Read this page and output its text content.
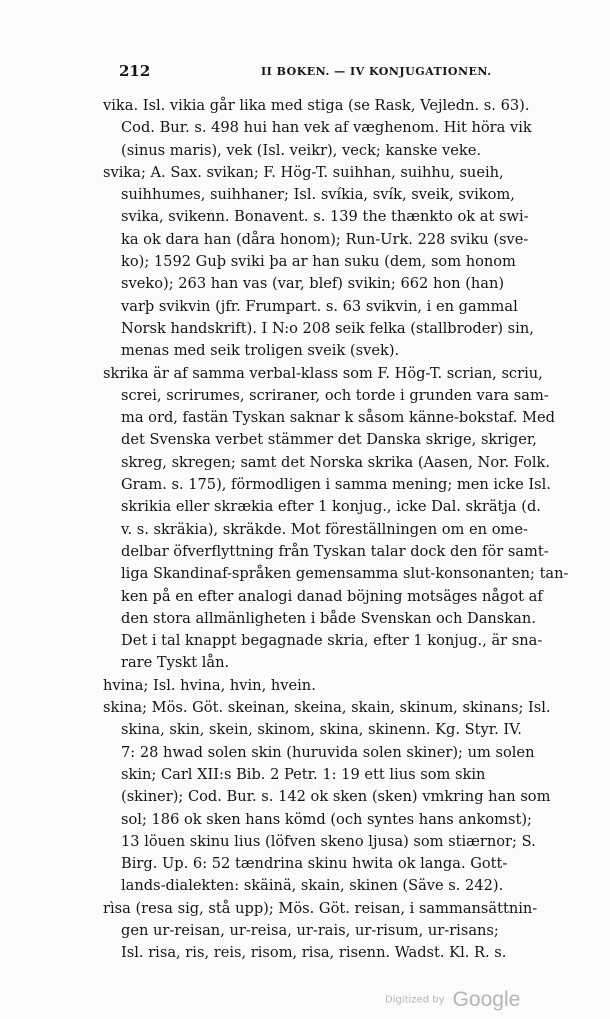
212	II BOKEN. — IV KONJUGATIONEN.
vika. Isl. vikia går lika med stiga (se Rask, Vejledn. s. 63).
Cod. Bur. s. 498 hui han vek af væghenom. Hit höra vik
(sinus maris), vek (Isl. veikr), veck; kanske veke.
svika; A. Sax. svikan; F. Hög-T. suihhan, suihhu, sueih,
suihhumes, suihhaner; Isl. svíkia, svík, sveik, svikom,
svika, svikenn. Bonavent. s. 139 the thænkto ok at swi-
ka ok dara han (dåra honom); Run-Urk. 228 sviku (sve-
ko); 1592 Guþ sviki þa ar han suku (dem, som honom
sveko); 263 han vas (var, blef) svikin; 662 hon (han)
varþ svikvin (jfr. Frumpart. s. 63 svikvin, i en gammal
Norsk handskrift). I N:o 208 seik felka (stallbroder) sin,
menas med seik troligen sveik (svek).
skrika är af samma verbal-klass som F. Hög-T. scrian, scriu,
screi, scrirumes, scriraner, och torde i grunden vara sam-
ma ord, fastän Tyskan saknar k såsom känne-bokstaf. Med
det Svenska verbet stämmer det Danska skrige, skriger,
skreg, skregen; samt det Norska skrika (Aasen, Nor. Folk.
Gram. s. 175), förmodligen i samma mening; men icke Isl.
skrikia eller skrækia efter 1 konjug., icke Dal. skrätja (d.
v. s. skräkia), skräkde. Mot föreställningen om en ome-
delbar öfverflyttning från Tyskan talar dock den för samt-
liga Skandinaf-språken gemensamma slut-konsonanten; tan-
ken på en efter analogi danad böjning motsäges något af
den stora allmänligheten i både Svenskan och Danskan.
Det i tal knappt begagnade skria, efter 1 konjug., är sna-
rare Tyskt lån.
hvina; Isl. hvina, hvin, hvein.
skina; Mös. Göt. skeinan, skeina, skain, skinum, skinans; Isl.
skina, skin, skein, skinom, skina, skinenn. Kg. Styr. IV.
7: 28 hwad solen skin (huruvida solen skiner); um solen
skin; Carl XII:s Bib. 2 Petr. 1: 19 ett lius som skin
(skiner); Cod. Bur. s. 142 ok sken (sken) vmkring han som
sol; 186 ok sken hans kömd (och syntes hans ankomst);
13 löuen skinu lius (löfven skeno ljusa) som stiærnor; S.
Birg. Up. 6: 52 tændrina skinu hwita ok langa. Gott-
lands-dialekten: skäinä, skain, skinen (Säve s. 242).
rìsa (resa sig, stå upp); Mös. Göt. reisan, i sammansättnin-
gen ur-reisan, ur-reisa, ur-rais, ur-risum, ur-risans;
Isl. risa, ris, reis, risom, risa, risenn. Wadst. Kl. R. s.
Digitized by Google
